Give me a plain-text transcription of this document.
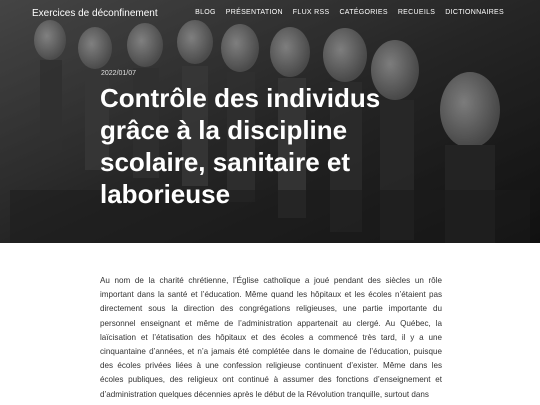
Exercices de déconfinement	BLOG PRÉSENTATION FLUX RSS CATÉGORIES RECUEILS DICTIONNAIRES
2022/01/07
Contrôle des individus grâce à la discipline scolaire, sanitaire et laborieuse

Au nom de la charité chrétienne, l’Église catholique a joué pendant des siècles un rôle important dans la santé et l’éducation. Même quand les hôpitaux et les écoles n’étaient pas directement sous la direction des congrégations religieuses, une partie importante du personnel enseignant et même de l’administration appartenait au clergé. Au Québec, la laïcisation et l’étatisation des hôpitaux et des écoles a commencé très tard, il y a une cinquantaine d’années, et n’a jamais été complétée dans le domaine de l’éducation, puisque des écoles privées liées à une confession religieuse continuent d’exister. Même dans les écoles publiques, des religieux ont continué à assumer des fonctions d’enseignement et d’administration quelques décennies après le début de la Révolution tranquille, surtout dans
